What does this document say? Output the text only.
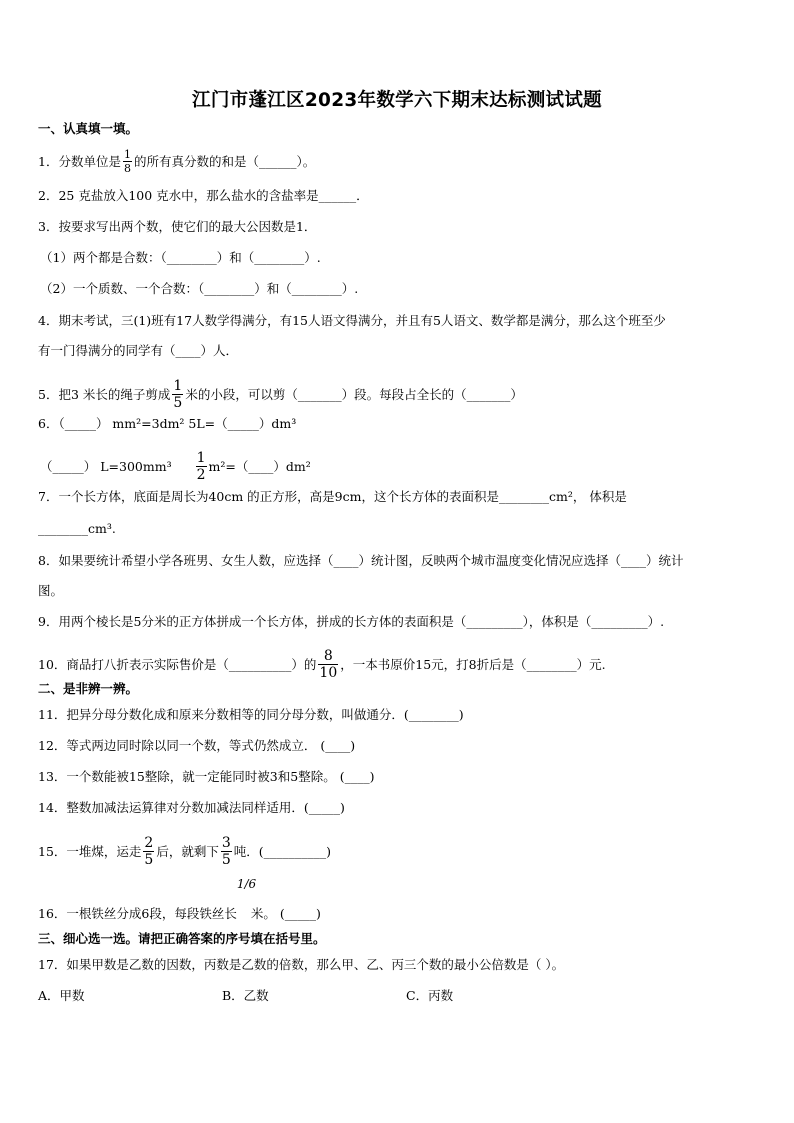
江门市蓬江区2023年数学六下期末达标测试试题
一、认真填一填。
1．分数单位是 $\frac{1}{8}$ 的所有真分数的和是（______）。
2．25 克盐放入100 克水中，那么盐水的含盐率是______．
3．按要求写出两个数，使它们的最大公因数是1．
（1）两个都是合数：（________）和（________）.
（2）一个质数、一个合数：（________）和（________）.
4．期末考试，三(1)班有17人数学得满分，有15人语文得满分，并且有5人语文、数学都是满分，那么这个班至少
有一门得满分的同学有（____）人．
5．把3 米长的绳子剪成 $\frac{1}{5}$ 米的小段，可以剪（_______）段。每段占全长的（_______）
6．（_____） mm²=3dm² 5L=（_____）dm³
（_____） $L=300mm^3 \frac{1}{2}$ m²=（____）dm²
7．一个长方体，底面是周长为40cm 的正方形，高是9cm，这个长方体的表面积是________cm²， 体积是
________cm³.
8．如果要统计希望小学各班男、女生人数，应选择（____）统计图，反映两个城市温度变化情况应选择（____）统计
图。
9．用两个棱长是5分米的正方体拼成一个长方体，拼成的长方体的表面积是（_________），体积是（_________）.
10．商品打八折表示实际售价是（__________）的 $\frac{8}{10}$ ，一本书原价15元，打8折后是（________）元.
二、是非辨一辨。
11．把异分母分数化成和原来分数相等的同分母分数，叫做通分．(________)
12．等式两边同时除以同一个数，等式仍然成立． (____)
13．一个数能被15整除，就一定能同时被3和5整除。 (____)
14．整数加减法运算律对分数加减法同样适用．(_____)
15．一堆煤，运走 $\frac{2}{5}$ 后，就剩下 $\frac{3}{5}$ 吨．(__________)
16．一根铁丝分成6段，每段铁丝长
1/6
米。 (_____)
三、细心选一选。请把正确答案的序号填在括号里。
17．如果甲数是乙数的因数，丙数是乙数的倍数，那么甲、乙、丙三个数的最小公倍数是（ ）。
A．甲数	B．乙数	C．丙数
